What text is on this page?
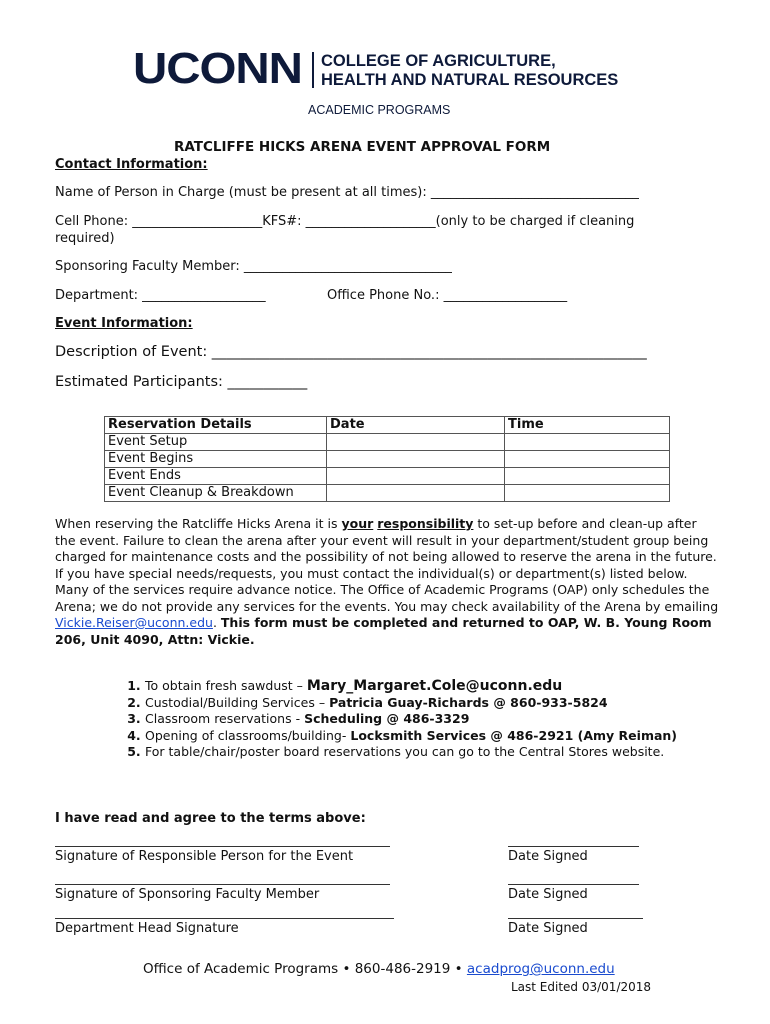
UCONN COLLEGE OF AGRICULTURE,
HEALTH AND NATURAL RESOURCES
ACADEMIC PROGRAMS
RATCLIFFE HICKS ARENA EVENT APPROVAL FORM
Contact Information:
Name of Person in Charge (must be present at all times): ________________________________
Cell Phone: ____________________KFS#: ____________________(only to be charged if cleaning
required)
Sponsoring Faculty Member: ________________________________
Department: ___________________	Office Phone No.: ___________________
Event Information:
Description of Event: ____________________________________________________________
Estimated Participants: ___________
Reservation Details	Date	Time
Event Setup		
Event Begins		
Event Ends		
Event Cleanup & Breakdown		
When reserving the Ratcliffe Hicks Arena it is your responsibility to set-up before and clean-up after the event. Failure to clean the arena after your event will result in your department/student group being charged for maintenance costs and the possibility of not being allowed to reserve the arena in the future. If you have special needs/requests, you must contact the individual(s) or department(s) listed below. Many of the services require advance notice. The Office of Academic Programs (OAP) only schedules the Arena; we do not provide any services for the events. You may check availability of the Arena by emailing Vickie.Reiser@uconn.edu. This form must be completed and returned to OAP, W. B. Young Room 206, Unit 4090, Attn: Vickie.
1. To obtain fresh sawdust – Mary_Margaret.Cole@uconn.edu
2. Custodial/Building Services – Patricia Guay-Richards @ 860-933-5824
3. Classroom reservations - Scheduling @ 486-3329
4. Opening of classrooms/building- Locksmith Services @ 486-2921 (Amy Reiman)
5. For table/chair/poster board reservations you can go to the Central Stores website.
I have read and agree to the terms above:
Signature of Responsible Person for the Event	Date Signed
Signature of Sponsoring Faculty Member	Date Signed
Department Head Signature	Date Signed
Office of Academic Programs • 860-486-2919 • acadprog@uconn.edu
Last Edited 03/01/2018
